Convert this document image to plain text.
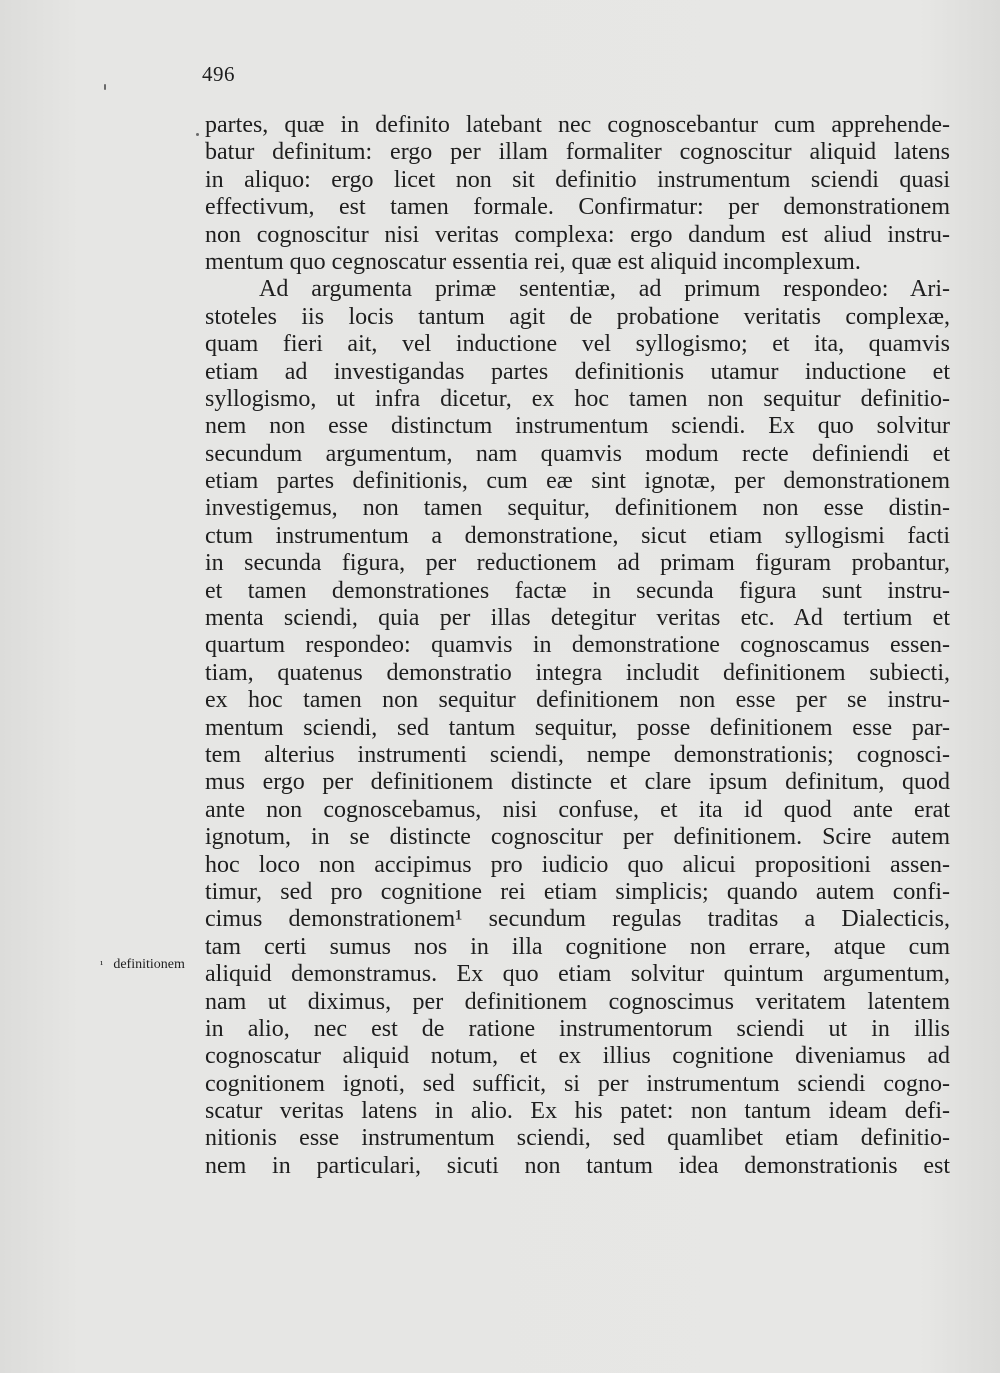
496
¹ definitionem
partes, quæ in definito latebant nec cognoscebantur cum apprehende-
batur definitum: ergo per illam formaliter cognoscitur aliquid latens
in aliquo: ergo licet non sit definitio instrumentum sciendi quasi
effectivum, est tamen formale. Confirmatur: per demonstrationem
non cognoscitur nisi veritas complexa: ergo dandum est aliud instru-
mentum quo cegnoscatur essentia rei, quæ est aliquid incomplexum.
Ad argumenta primæ sententiæ, ad primum respondeo: Ari-
stoteles iis locis tantum agit de probatione veritatis complexæ,
quam fieri ait, vel inductione vel syllogismo; et ita, quamvis
etiam ad investigandas partes definitionis utamur inductione et
syllogismo, ut infra dicetur, ex hoc tamen non sequitur definitio-
nem non esse distinctum instrumentum sciendi. Ex quo solvitur
secundum argumentum, nam quamvis modum recte definiendi et
etiam partes definitionis, cum eæ sint ignotæ, per demonstrationem
investigemus, non tamen sequitur, definitionem non esse distin-
ctum instrumentum a demonstratione, sicut etiam syllogismi facti
in secunda figura, per reductionem ad primam figuram probantur,
et tamen demonstrationes factæ in secunda figura sunt instru-
menta sciendi, quia per illas detegitur veritas etc. Ad tertium et
quartum respondeo: quamvis in demonstratione cognoscamus essen-
tiam, quatenus demonstratio integra includit definitionem subiecti,
ex hoc tamen non sequitur definitionem non esse per se instru-
mentum sciendi, sed tantum sequitur, posse definitionem esse par-
tem alterius instrumenti sciendi, nempe demonstrationis; cognosci-
mus ergo per definitionem distincte et clare ipsum definitum, quod
ante non cognoscebamus, nisi confuse, et ita id quod ante erat
ignotum, in se distincte cognoscitur per definitionem. Scire autem
hoc loco non accipimus pro iudicio quo alicui propositioni assen-
timur, sed pro cognitione rei etiam simplicis; quando autem confi-
cimus demonstrationem¹ secundum regulas traditas a Dialecticis,
tam certi sumus nos in illa cognitione non errare, atque cum
aliquid demonstramus. Ex quo etiam solvitur quintum argumentum,
nam ut diximus, per definitionem cognoscimus veritatem latentem
in alio, nec est de ratione instrumentorum sciendi ut in illis
cognoscatur aliquid notum, et ex illius cognitione diveniamus ad
cognitionem ignoti, sed sufficit, si per instrumentum sciendi cogno-
scatur veritas latens in alio. Ex his patet: non tantum ideam defi-
nitionis esse instrumentum sciendi, sed quamlibet etiam definitio-
nem in particulari, sicuti non tantum idea demonstrationis est
